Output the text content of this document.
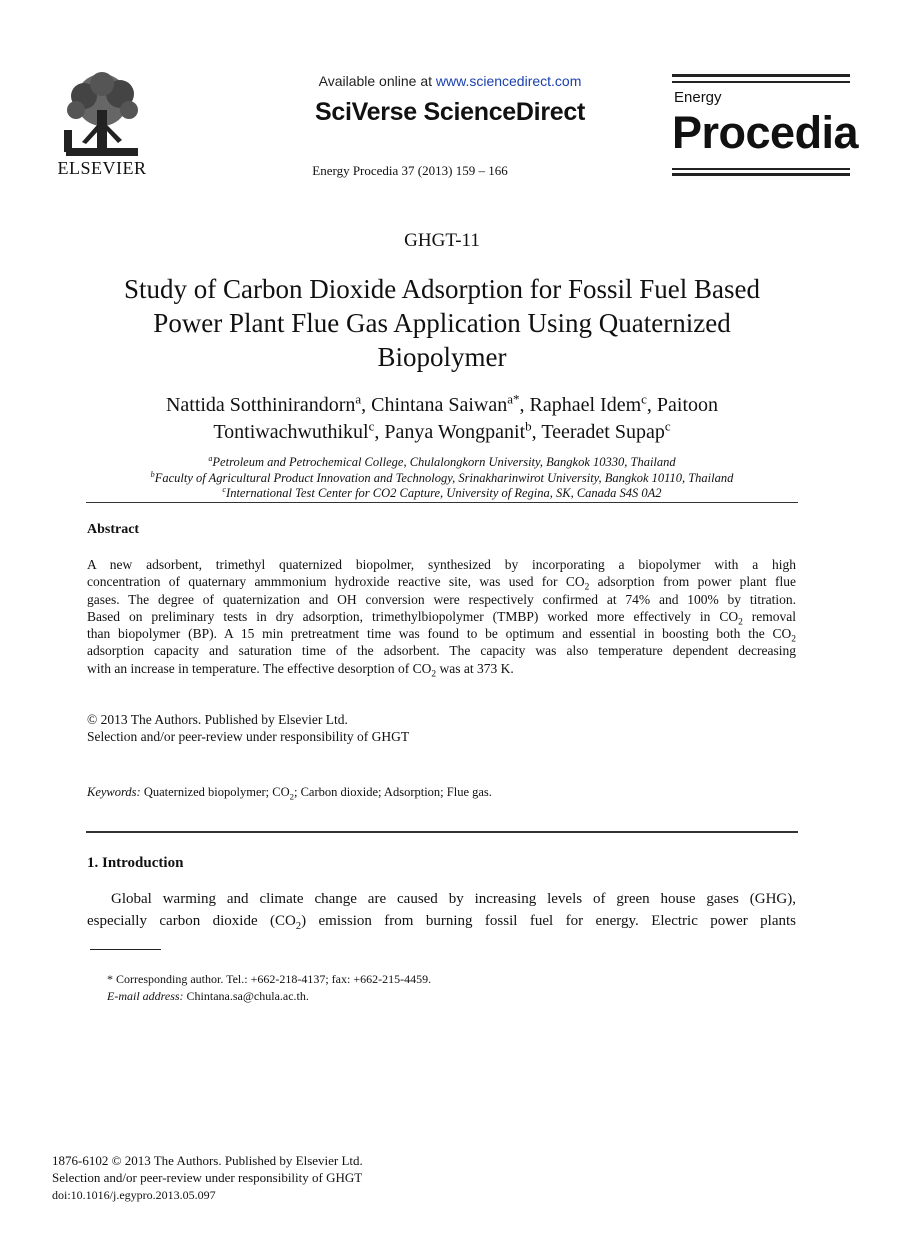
ELSEVIER
Available online at www.sciencedirect.com
SciVerse ScienceDirect
Energy Procedia 37 (2013) 159 – 166
Energy
Procedia
GHGT-11
Study of Carbon Dioxide Adsorption for Fossil Fuel Based Power Plant Flue Gas Application Using Quaternized Biopolymer
Nattida Sotthinirandorn$^a$, Chintana Saiwan$^{a*}$, Raphael Idem$^c$, Paitoon Tontiwachwuthikul$^c$, Panya Wongpanit$^b$, Teeradet Supap$^c$
$^a$Petroleum and Petrochemical College, Chulalongkorn University, Bangkok 10330, Thailand
$^b$Faculty of Agricultural Product Innovation and Technology, Srinakharinwirot University, Bangkok 10110, Thailand
$^c$International Test Center for CO2 Capture, University of Regina, SK, Canada S4S 0A2
Abstract
A new adsorbent, trimethyl quaternized biopolmer, synthesized by incorporating a biopolymer with a high
concentration of quaternary ammmonium hydroxide reactive site, was used for $CO_2$ adsorption from power plant flue
gases. The degree of quaternization and OH conversion were respectively confirmed at 74% and 100% by titration.
Based on preliminary tests in dry adsorption, trimethylbiopolymer (TMBP) worked more effectively in $CO_2$ removal
than biopolymer (BP). A 15 min pretreatment time was found to be optimum and essential in boosting both the $CO_2$
adsorption capacity and saturation time of the adsorbent. The capacity was also temperature dependent decreasing
with an increase in temperature. The effective desorption of $CO_2$ was at 373 K.
© 2013 The Authors. Published by Elsevier Ltd.
Selection and/or peer-review under responsibility of GHGT
Keywords: Quaternized biopolymer; $CO_2$; Carbon dioxide; Adsorption; Flue gas.
1. Introduction
Global warming and climate change are caused by increasing levels of green house gases (GHG),
especially carbon dioxide $(CO_2)$ emission from burning fossil fuel for energy. Electric power plants
* Corresponding author. Tel.: +662-218-4137; fax: +662-215-4459.
E-mail address: Chintana.sa@chula.ac.th.
1876-6102 © 2013 The Authors. Published by Elsevier Ltd.
Selection and/or peer-review under responsibility of GHGT
doi:10.1016/j.egypro.2013.05.097
